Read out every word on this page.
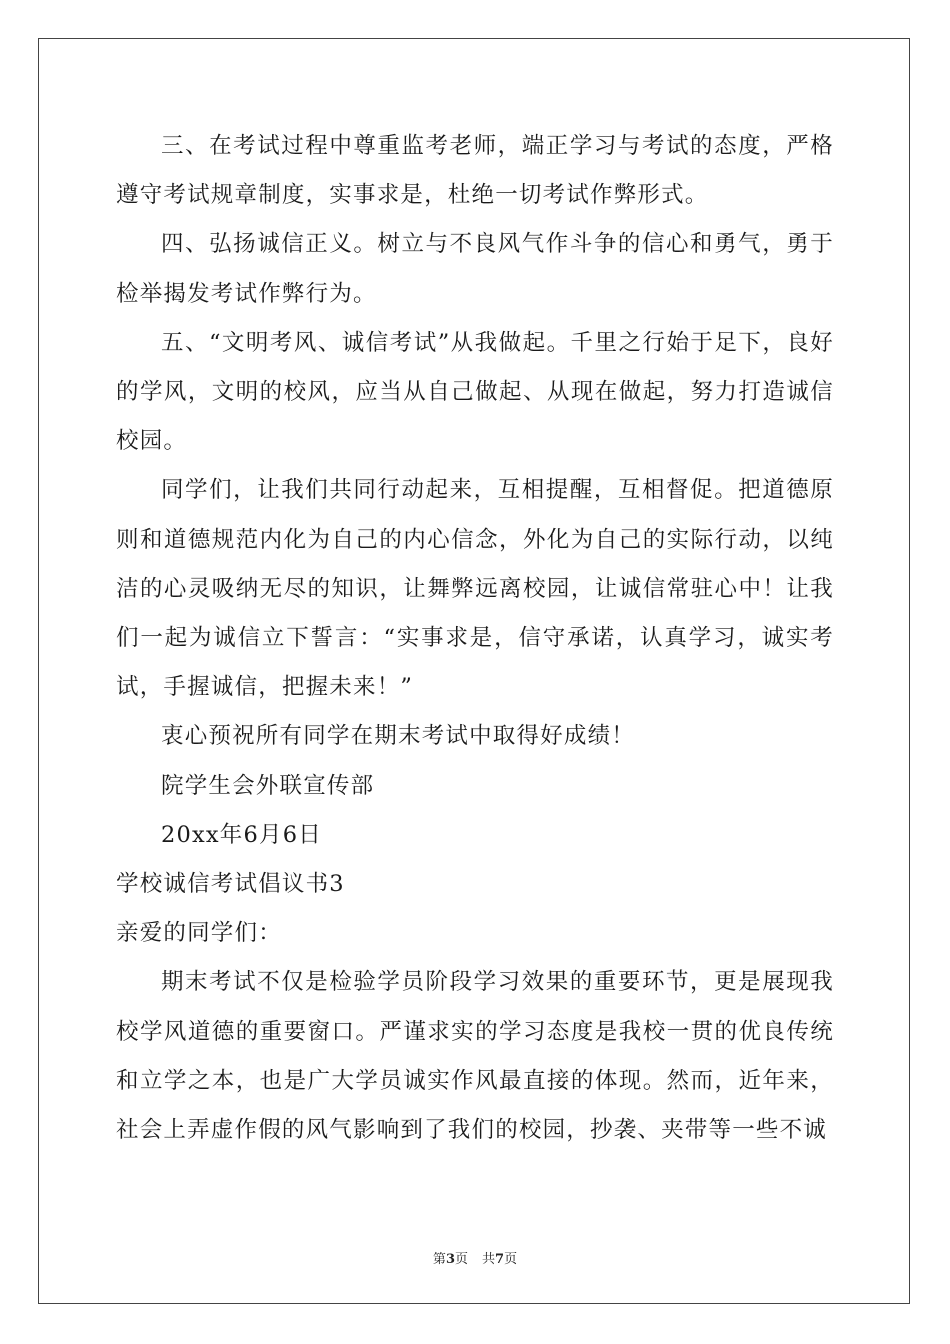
三、在考试过程中尊重监考老师，端正学习与考试的态度，严格遵守考试规章制度，实事求是，杜绝一切考试作弊形式。

四、弘扬诚信正义。树立与不良风气作斗争的信心和勇气，勇于检举揭发考试作弊行为。

五、“文明考风、诚信考试”从我做起。千里之行始于足下，良好的学风，文明的校风，应当从自己做起、从现在做起，努力打造诚信校园。

同学们，让我们共同行动起来，互相提醒，互相督促。把道德原则和道德规范内化为自己的内心信念，外化为自己的实际行动，以纯洁的心灵吸纳无尽的知识，让舞弊远离校园，让诚信常驻心中！让我们一起为诚信立下誓言：“实事求是，信守承诺，认真学习，诚实考试，手握诚信，把握未来！”

衷心预祝所有同学在期末考试中取得好成绩！

院学生会外联宣传部

20xx年6月6日

学校诚信考试倡议书3

亲爱的同学们：

期末考试不仅是检验学员阶段学习效果的重要环节，更是展现我校学风道德的重要窗口。严谨求实的学习态度是我校一贯的优良传统和立学之本，也是广大学员诚实作风最直接的体现。然而，近年来，社会上弄虚作假的风气影响到了我们的校园，抄袭、夹带等一些不诚

第3页 共7页
